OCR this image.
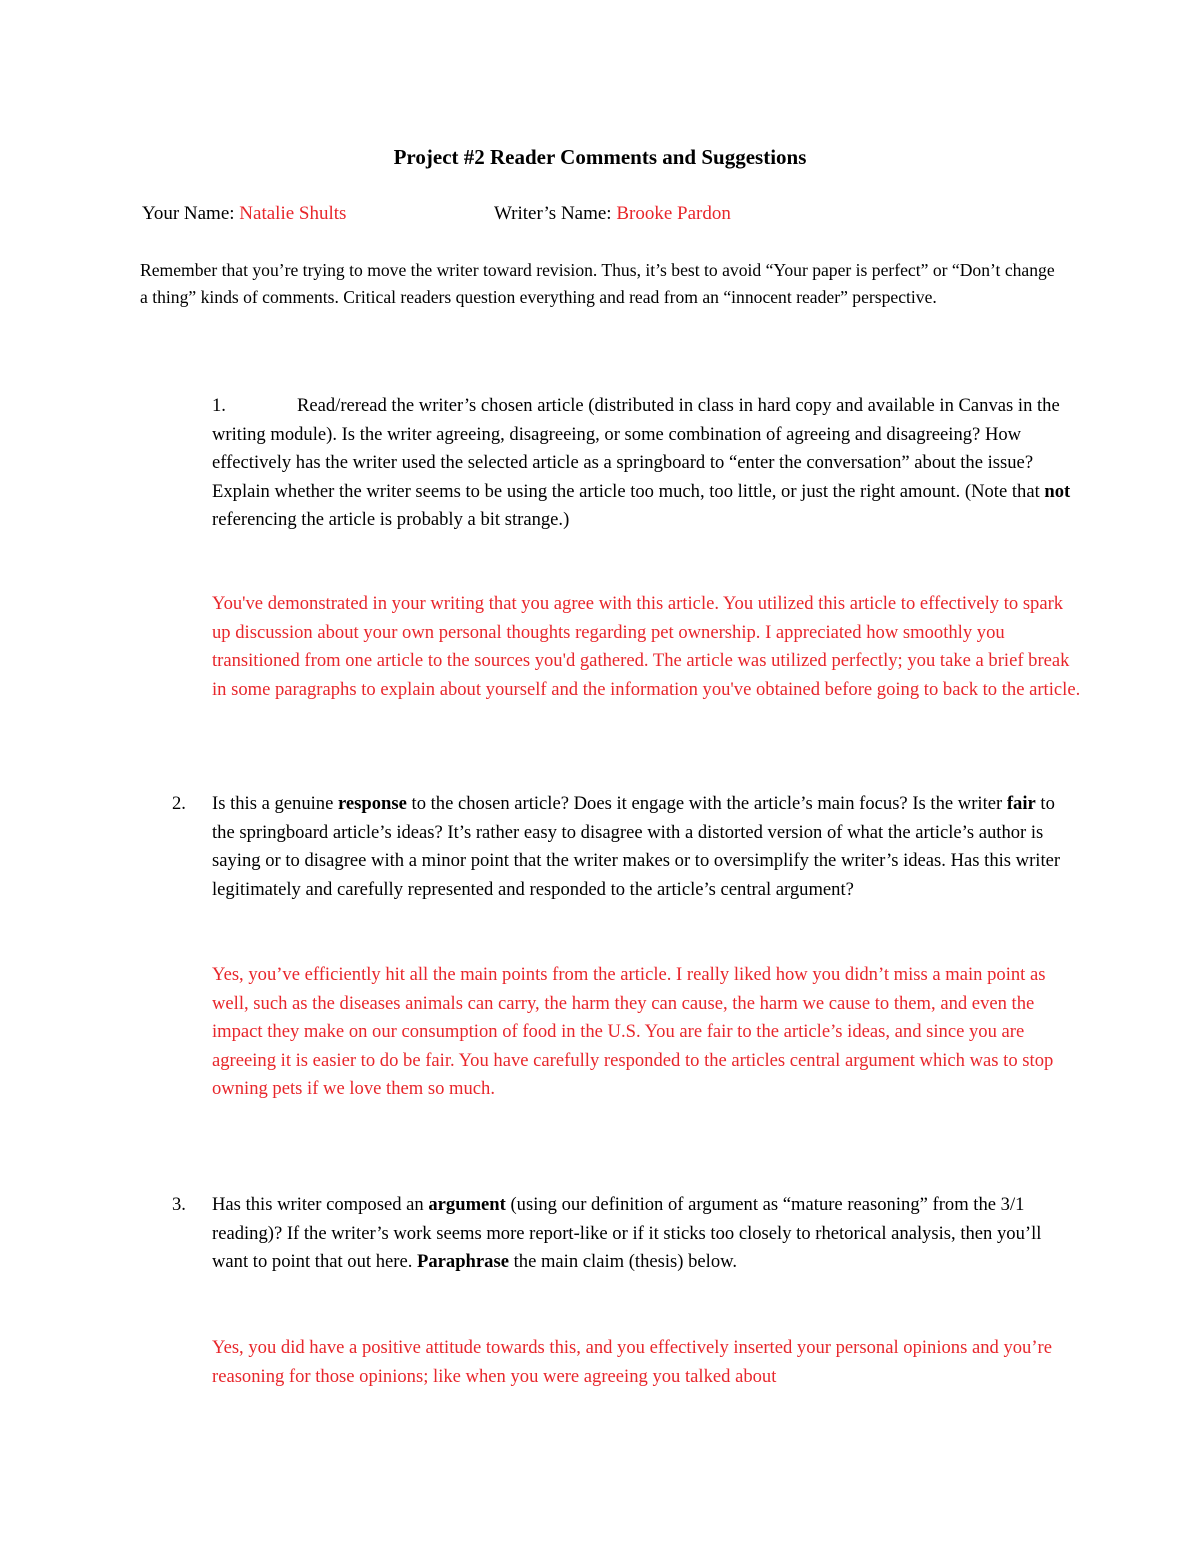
Project #2 Reader Comments and Suggestions
Your Name: Natalie Shults	Writer’s Name: Brooke Pardon
Remember that you’re trying to move the writer toward revision. Thus, it’s best to avoid “Your paper is perfect” or “Don’t change a thing” kinds of comments. Critical readers question everything and read from an “innocent reader” perspective.
1.	Read/reread the writer’s chosen article (distributed in class in hard copy and available in Canvas in the writing module). Is the writer agreeing, disagreeing, or some combination of agreeing and disagreeing? How effectively has the writer used the selected article as a springboard to “enter the conversation” about the issue? Explain whether the writer seems to be using the article too much, too little, or just the right amount. (Note that not referencing the article is probably a bit strange.)
You've demonstrated in your writing that you agree with this article. You utilized this article to effectively to spark up discussion about your own personal thoughts regarding pet ownership. I appreciated how smoothly you transitioned from one article to the sources you'd gathered. The article was utilized perfectly; you take a brief break in some paragraphs to explain about yourself and the information you've obtained before going to back to the article.
2. Is this a genuine response to the chosen article? Does it engage with the article’s main focus? Is the writer fair to the springboard article’s ideas? It’s rather easy to disagree with a distorted version of what the article’s author is saying or to disagree with a minor point that the writer makes or to oversimplify the writer’s ideas. Has this writer legitimately and carefully represented and responded to the article’s central argument?
Yes, you’ve efficiently hit all the main points from the article. I really liked how you didn’t miss a main point as well, such as the diseases animals can carry, the harm they can cause, the harm we cause to them, and even the impact they make on our consumption of food in the U.S. You are fair to the article’s ideas, and since you are agreeing it is easier to do be fair. You have carefully responded to the articles central argument which was to stop owning pets if we love them so much.
3. Has this writer composed an argument (using our definition of argument as “mature reasoning” from the 3/1 reading)? If the writer’s work seems more report-like or if it sticks too closely to rhetorical analysis, then you’ll want to point that out here. Paraphrase the main claim (thesis) below.
Yes, you did have a positive attitude towards this, and you effectively inserted your personal opinions and you’re reasoning for those opinions; like when you were agreeing you talked about
